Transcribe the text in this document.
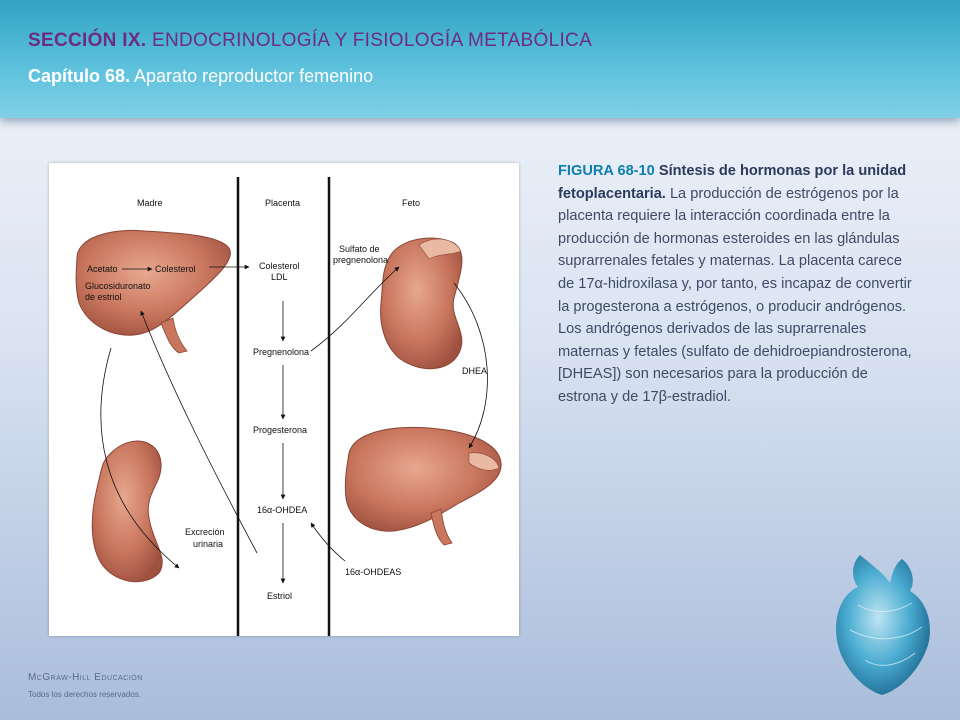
SECCIÓN IX. ENDOCRINOLOGÍA Y FISIOLOGÍA METABÓLICA
Capítulo 68. Aparato reproductor femenino
Madre	Placenta	Feto
Acetato	Colesterol
Glucosiduronato
de estriol
Excreción
urinaria
Colesterol
LDL
Pregnenolona
Progesterona
16α-OHDEA
Estriol
Sulfato de
pregnenolona
DHEA
16α-OHDEAS
FIGURA 68-10 Síntesis de hormonas por la unidad fetoplacentaria. La producción de estrógenos por la placenta requiere la interacción coordinada entre la producción de hormonas esteroides en las glándulas suprarrenales fetales y maternas. La placenta carece de 17α-hidroxilasa y, por tanto, es incapaz de convertir la progesterona a estrógenos, o producir andrógenos. Los andrógenos derivados de las suprarrenales maternas y fetales (sulfato de dehidroepiandrosterona, [DHEAS]) son necesarios para la producción de estrona y de 17β-estradiol.
McGraw-Hill Educación
Todos los derechos reservados.
